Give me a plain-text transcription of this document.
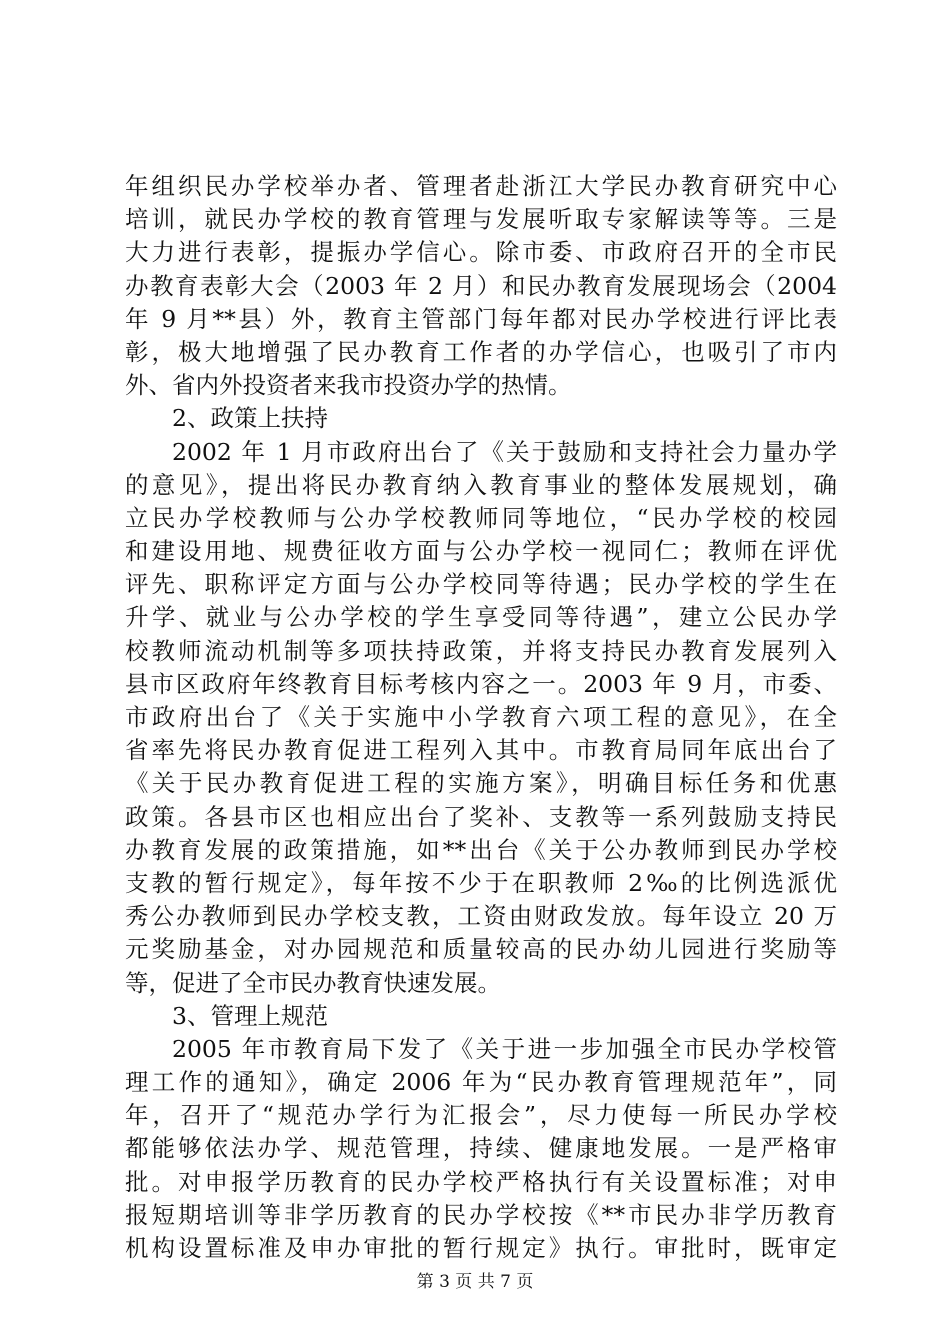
年组织民办学校举办者、管理者赴浙江大学民办教育研究中心
培训，就民办学校的教育管理与发展听取专家解读等等。三是
大力进行表彰，提振办学信心。除市委、市政府召开的全市民
办教育表彰大会（2003 年 2 月）和民办教育发展现场会（2004
年 9 月**县）外，教育主管部门每年都对民办学校进行评比表
彰，极大地增强了民办教育工作者的办学信心，也吸引了市内
外、省内外投资者来我市投资办学的热情。
2、政策上扶持
2002 年 1 月市政府出台了《关于鼓励和支持社会力量办学
的意见》，提出将民办教育纳入教育事业的整体发展规划，确
立民办学校教师与公办学校教师同等地位，“民办学校的校园
和建设用地、规费征收方面与公办学校一视同仁；教师在评优
评先、职称评定方面与公办学校同等待遇；民办学校的学生在
升学、就业与公办学校的学生享受同等待遇”，建立公民办学
校教师流动机制等多项扶持政策，并将支持民办教育发展列入
县市区政府年终教育目标考核内容之一。2003 年 9 月，市委、
市政府出台了《关于实施中小学教育六项工程的意见》，在全
省率先将民办教育促进工程列入其中。市教育局同年底出台了
《关于民办教育促进工程的实施方案》，明确目标任务和优惠
政策。各县市区也相应出台了奖补、支教等一系列鼓励支持民
办教育发展的政策措施，如**出台《关于公办教师到民办学校
支教的暂行规定》，每年按不少于在职教师 2‰的比例选派优
秀公办教师到民办学校支教，工资由财政发放。每年设立 20 万
元奖励基金，对办园规范和质量较高的民办幼儿园进行奖励等
等，促进了全市民办教育快速发展。
3、管理上规范
2005 年市教育局下发了《关于进一步加强全市民办学校管
理工作的通知》，确定 2006 年为“民办教育管理规范年”，同
年，召开了“规范办学行为汇报会”，尽力使每一所民办学校
都能够依法办学、规范管理，持续、健康地发展。一是严格审
批。对申报学历教育的民办学校严格执行有关设置标准；对申
报短期培训等非学历教育的民办学校按《**市民办非学历教育
机构设置标准及申办审批的暂行规定》执行。审批时，既审定
第 3 页 共 7 页
